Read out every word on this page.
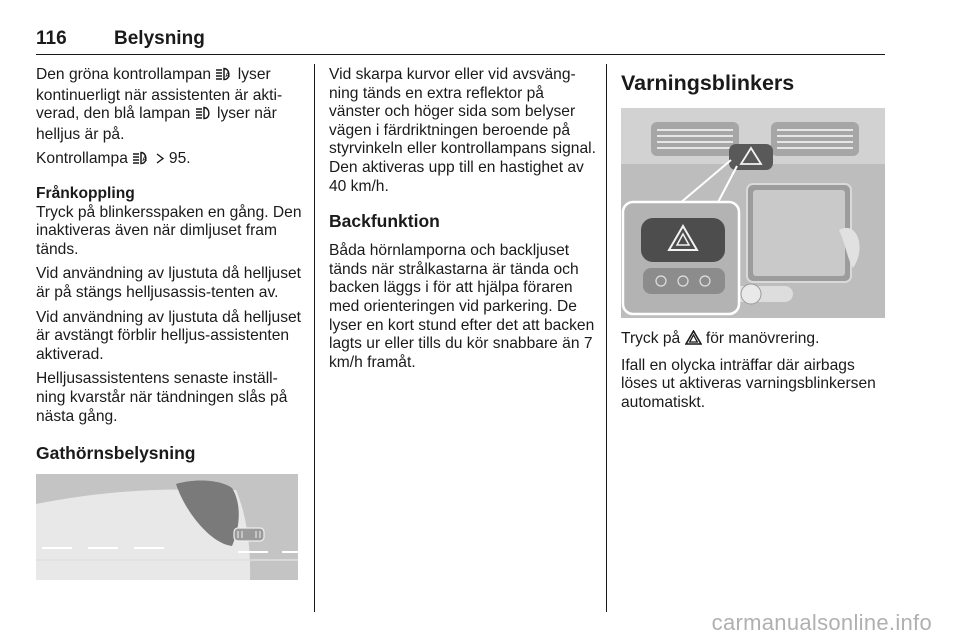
116 Belysning

Den gröna kontrollampan A lyser kontinuerligt när assistenten är akti-verad, den blå lampan  lyser när helljus är på.

Kontrollampa A 95.

Frånkoppling

Tryck på blinkersspaken en gång. Den inaktiveras även när dimljuset fram tänds.

Vid användning av ljustuta då helljuset är på stängs helljusassis-tenten av.

Vid användning av ljustuta då helljuset är avstängt förblir helljus-assistenten aktiverad.

Helljusassistentens senaste inställ-ning kvarstår när tändningen slås på nästa gång.

Gathörnsbelysning

Vid skarpa kurvor eller vid avsväng-ning tänds en extra reflektor på vänster och höger sida som belyser vägen i färdriktningen beroende på styrvinkeln eller kontrollampans signal. Den aktiveras upp till en hastighet av 40 km/h.

Backfunktion

Båda hörnlamporna och backljuset tänds när strålkastarna är tända och backen läggs i för att hjälpa föraren med orienteringen vid parkering. De lyser en kort stund efter det att backen lagts ur eller tills du kör snabbare än 7 km/h framåt.

Varningsblinkers

Tryck på  för manövrering.

Ifall en olycka inträffar där airbags löses ut aktiveras varningsblinkersen automatiskt.

carmanualsonline.info
